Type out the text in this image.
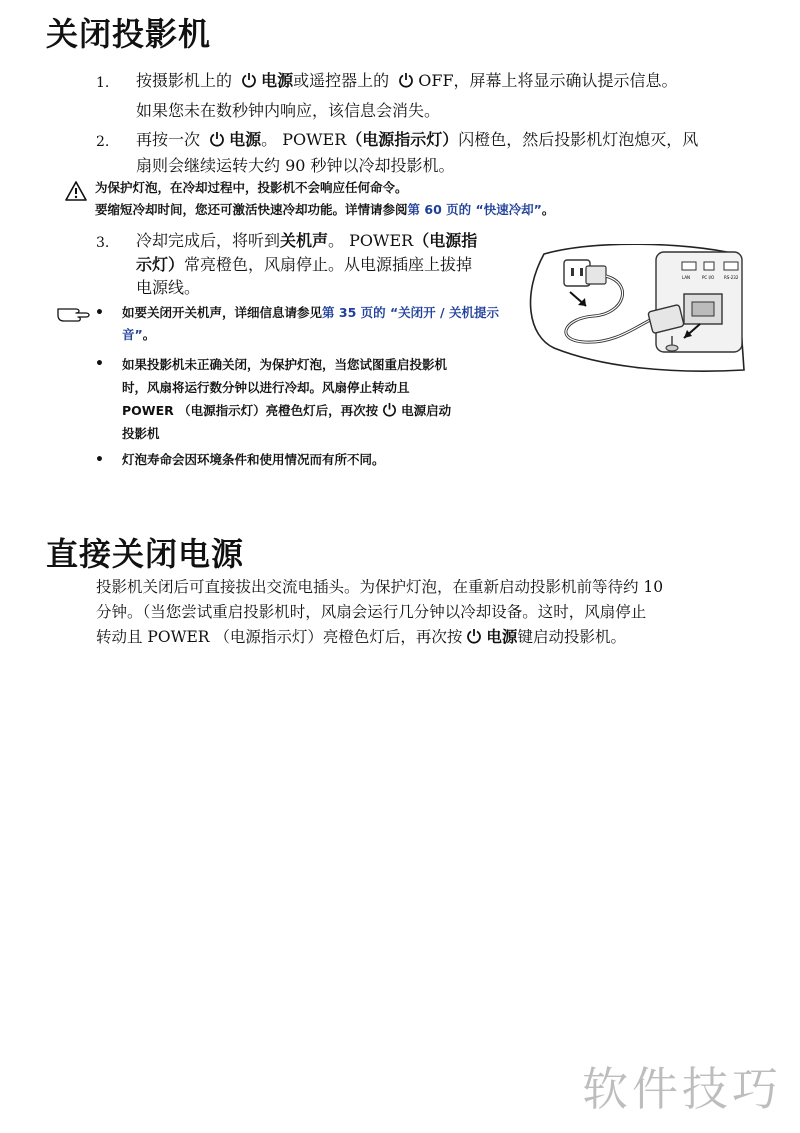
关闭投影机
1. 按摄影机上的 电源或遥控器上的 OFF，屏幕上将显示确认提示信息。
如果您未在数秒钟内响应，该信息会消失。
2. 再按一次 电源。 POWER（电源指示灯）闪橙色，然后投影机灯泡熄灭，风
扇则会继续运转大约 90 秒钟以冷却投影机。
为保护灯泡，在冷却过程中，投影机不会响应任何命令。
要缩短冷却时间，您还可激活快速冷却功能。详情请参阅第 60 页的 “快速冷却”。
3. 冷却完成后，将听到关机声。 POWER（电源指
示灯）常亮橙色，风扇停止。从电源插座上拔掉
电源线。
LAN	PC I/O RS-232
• 如要关闭开关机声，详细信息请参见第 35 页的 “关闭开 / 关机提示音”。
• 如果投影机未正确关闭，为保护灯泡，当您试图重启投影机
时，风扇将运行数分钟以进行冷却。风扇停止转动且
POWER （电源指示灯）亮橙色灯后，再次按 电源启动
投影机
• 灯泡寿命会因环境条件和使用情况而有所不同。
直接关闭电源
投影机关闭后可直接拔出交流电插头。为保护灯泡，在重新启动投影机前等待约 10
分钟。（当您尝试重启投影机时，风扇会运行几分钟以冷却设备。这时，风扇停止
转动且 POWER （电源指示灯）亮橙色灯后，再次按 电源键启动投影机。
软件技巧
